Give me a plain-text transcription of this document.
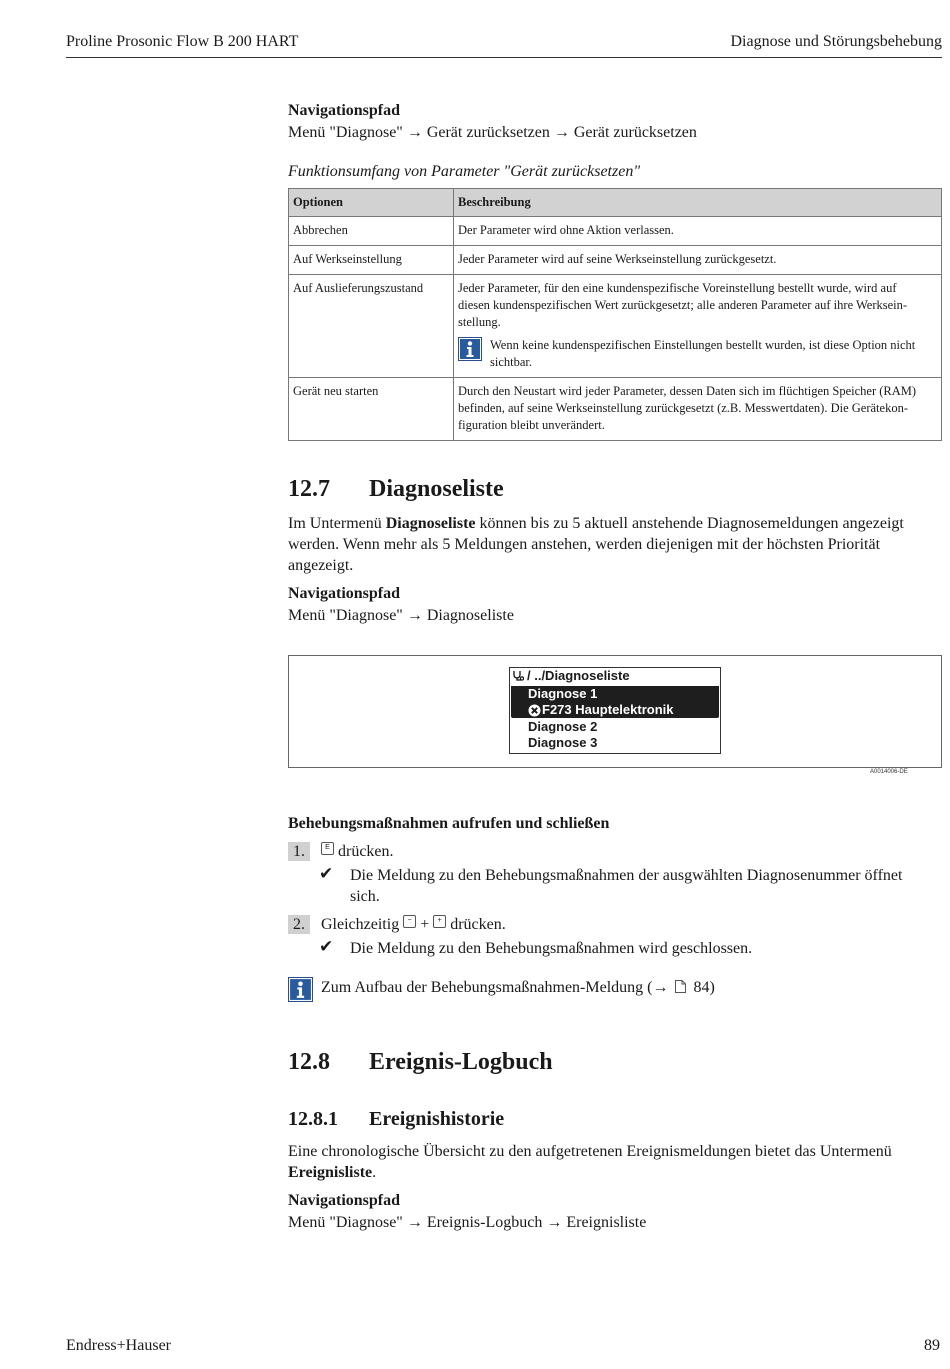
Proline Prosonic Flow B 200 HART	Diagnose und Störungsbehebung
Navigationspfad
Menü "Diagnose" → Gerät zurücksetzen → Gerät zurücksetzen
Funktionsumfang von Parameter "Gerät zurücksetzen"
Optionen	Beschreibung
Abbrechen	Der Parameter wird ohne Aktion verlassen.
Auf Werkseinstellung	Jeder Parameter wird auf seine Werkseinstellung zurückgesetzt.
Auf Auslieferungszustand	Jeder Parameter, für den eine kundenspezifische Voreinstellung bestellt wurde, wird auf
diesen kundenspezifischen Wert zurückgesetzt; alle anderen Parameter auf ihre Werksein-
stellung.
Wenn keine kundenspezifischen Einstellungen bestellt wurden, ist diese Option nicht
sichtbar.

Gerät neu starten	Durch den Neustart wird jeder Parameter, dessen Daten sich im flüchtigen Speicher (RAM)
befinden, auf seine Werkseinstellung zurückgesetzt (z.B. Messwertdaten). Die Gerätekon-
figuration bleibt unverändert.
12.7 Diagnoseliste
Im Untermenü Diagnoseliste können bis zu 5 aktuell anstehende Diagnosemeldungen angezeigt
werden. Wenn mehr als 5 Meldungen anstehen, werden diejenigen mit der höchsten Priorität
angezeigt.
Navigationspfad
Menü "Diagnose" → Diagnoseliste
/ ../Diagnoseliste
Diagnose 1
F273 Hauptelektronik
Diagnose 2
Diagnose 3
A0014006-DE
Behebungsmaßnahmen aufrufen und schließen
1.	E drücken.
✔ Die Meldung zu den Behebungsmaßnahmen der ausgwählten Diagnosenummer öffnet
sich.
2. Gleichzeitig	− +	+ drücken.
✔ Die Meldung zu den Behebungsmaßnahmen wird geschlossen.
Zum Aufbau der Behebungsmaßnahmen-Meldung (→ 84)
12.8 Ereignis-Logbuch
12.8.1 Ereignishistorie
Eine chronologische Übersicht zu den aufgetretenen Ereignismeldungen bietet das Untermenü
Ereignisliste.
Navigationspfad
Menü "Diagnose" → Ereignis-Logbuch → Ereignisliste
Endress+Hauser	89
